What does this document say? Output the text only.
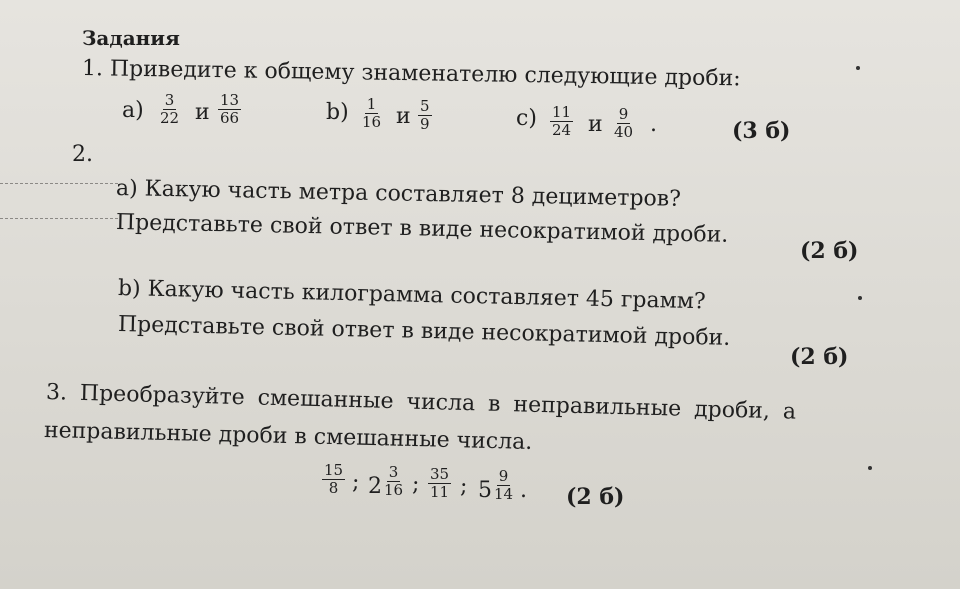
Задания
1. Приведите к общему знаменателю следующие дроби:
$a) \frac{3}{22}$ и $\frac{13}{66}$	$b) \frac{1}{16}$ и $\frac{5}{9}$	$c) \frac{11}{24}$ и $\frac{9}{40}$ .	(3 б)
2.
a) Какую часть метра составляет 8 дециметров?
Представьте свой ответ в виде несократимой дроби.
(2 б)
b) Какую часть килограмма составляет 45 грамм?
Представьте свой ответ в виде несократимой дроби.
(2 б)
3. Преобразуйте смешанные числа в неправильные дроби, а
неправильные дроби в смешанные числа.
$\frac{15}{8}$ ; $2 \frac{3}{16}$ ; $\frac{35}{11}$ ; $5 \frac{9}{14}$ . (2 б)
